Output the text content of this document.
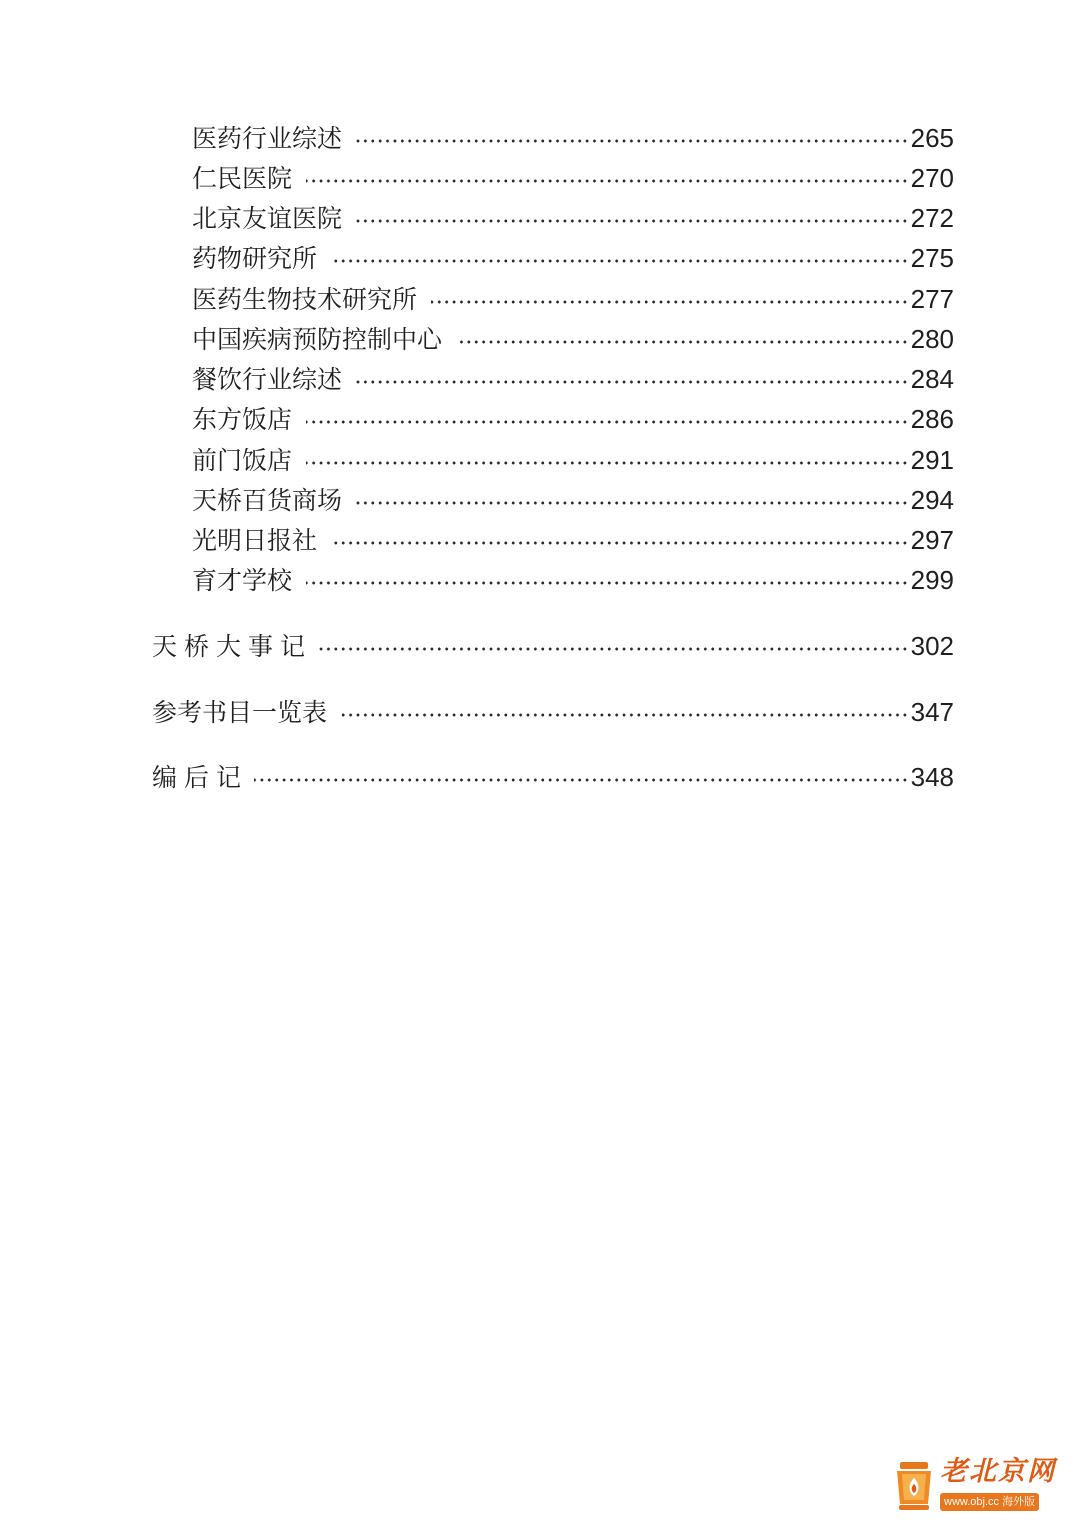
医药行业综述	265
仁民医院	270
北京友谊医院	272
药物研究所	275
医药生物技术研究所	277
中国疾病预防控制中心	280
餐饮行业综述	284
东方饭店	286
前门饭店	291
天桥百货商场	294
光明日报社	297
育才学校	299
天桥大事记	302
参考书目一览表	347
编后记	348
老北京网
www.obj.cc 海外版
